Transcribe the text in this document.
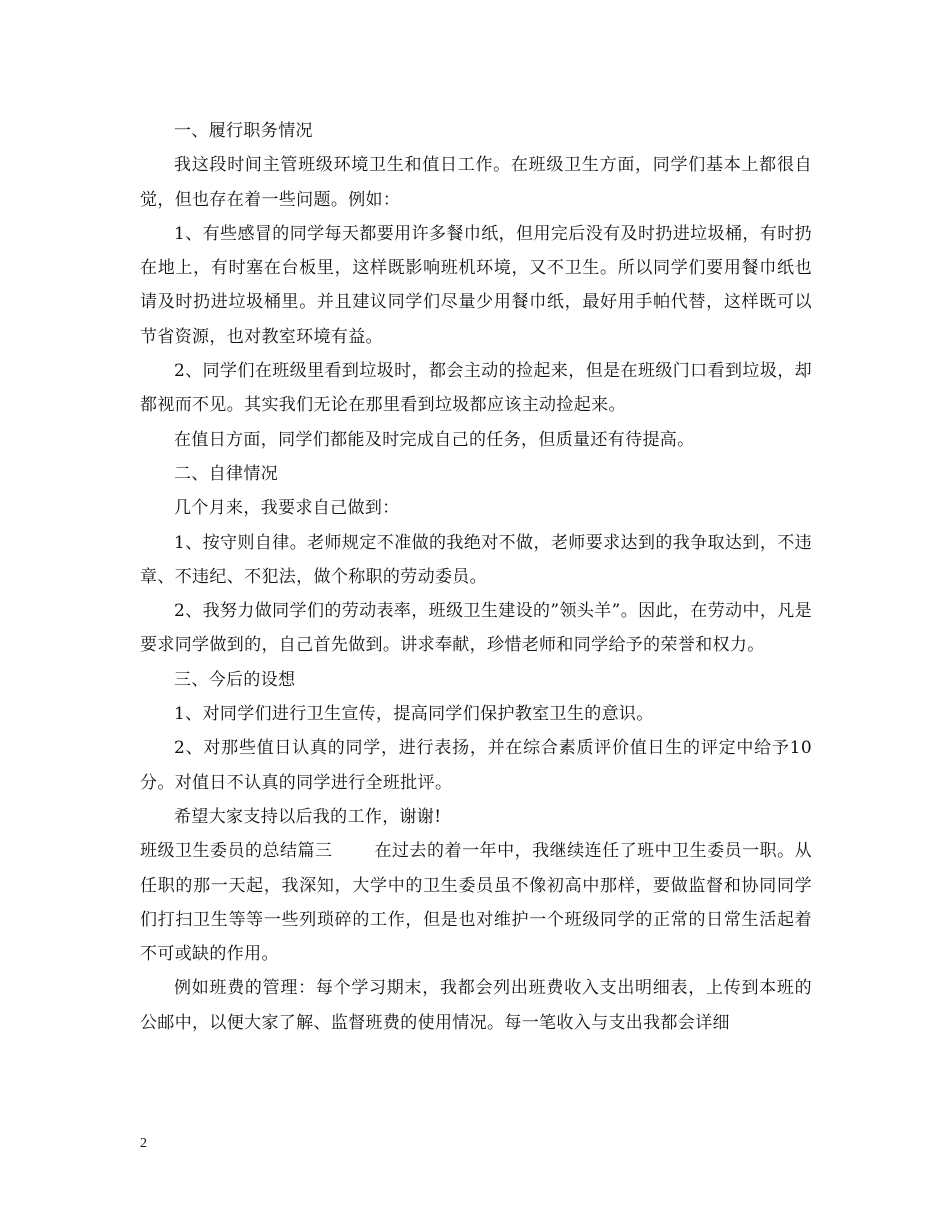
一、履行职务情况

我这段时间主管班级环境卫生和值日工作。在班级卫生方面，同学们基本上都很自觉，但也存在着一些问题。例如：

1、有些感冒的同学每天都要用许多餐巾纸，但用完后没有及时扔进垃圾桶，有时扔在地上，有时塞在台板里，这样既影响班机环境，又不卫生。所以同学们要用餐巾纸也请及时扔进垃圾桶里。并且建议同学们尽量少用餐巾纸，最好用手帕代替，这样既可以节省资源，也对教室环境有益。

2、同学们在班级里看到垃圾时，都会主动的捡起来，但是在班级门口看到垃圾，却都视而不见。其实我们无论在那里看到垃圾都应该主动捡起来。

在值日方面，同学们都能及时完成自己的任务，但质量还有待提高。

二、自律情况

几个月来，我要求自己做到：

1、按守则自律。老师规定不准做的我绝对不做，老师要求达到的我争取达到，不违章、不违纪、不犯法，做个称职的劳动委员。

2、我努力做同学们的劳动表率，班级卫生建设的”领头羊”。因此，在劳动中，凡是要求同学做到的，自己首先做到。讲求奉献，珍惜老师和同学给予的荣誉和权力。

三、今后的设想

1、对同学们进行卫生宣传，提高同学们保护教室卫生的意识。

2、对那些值日认真的同学，进行表扬，并在综合素质评价值日生的评定中给予10分。对值日不认真的同学进行全班批评。

希望大家支持以后我的工作，谢谢!

班级卫生委员的总结篇三 在过去的着一年中，我继续连任了班中卫生委员一职。从任职的那一天起，我深知，大学中的卫生委员虽不像初高中那样，要做监督和协同同学们打扫卫生等等一些列琐碎的工作，但是也对维护一个班级同学的正常的日常生活起着不可或缺的作用。

例如班费的管理：每个学习期末，我都会列出班费收入支出明细表，上传到本班的公邮中，以便大家了解、监督班费的使用情况。每一笔收入与支出我都会详细

2
